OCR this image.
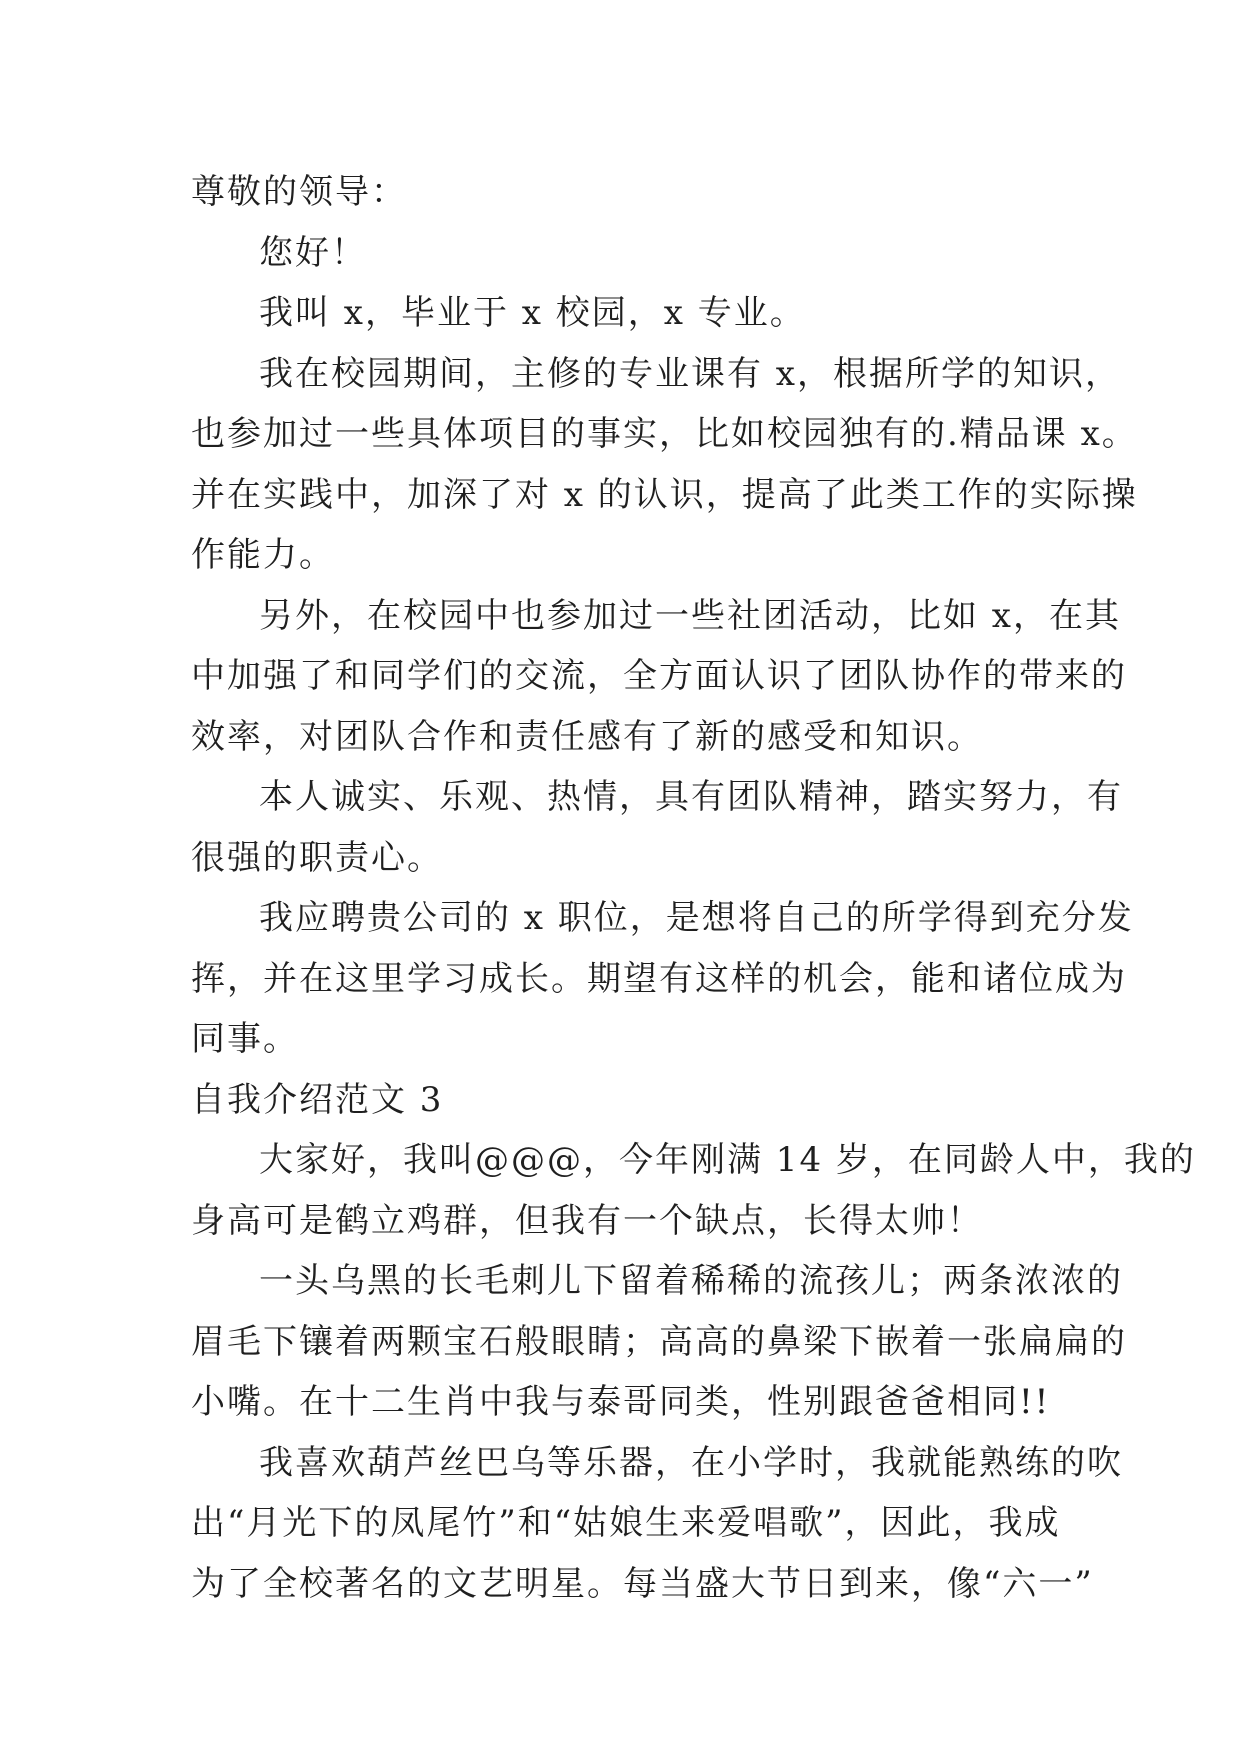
尊敬的领导：
您好！
我叫 x，毕业于 x 校园，x 专业。
我在校园期间，主修的专业课有 x，根据所学的知识，
也参加过一些具体项目的事实，比如校园独有的.精品课 x。
并在实践中，加深了对 x 的认识，提高了此类工作的实际操
作能力。
另外，在校园中也参加过一些社团活动，比如 x，在其
中加强了和同学们的交流，全方面认识了团队协作的带来的
效率，对团队合作和责任感有了新的感受和知识。
本人诚实、乐观、热情，具有团队精神，踏实努力，有
很强的职责心。
我应聘贵公司的 x 职位，是想将自己的所学得到充分发
挥，并在这里学习成长。期望有这样的机会，能和诸位成为
同事。
自我介绍范文 3
大家好，我叫@@@，今年刚满 14 岁，在同龄人中，我的
身高可是鹤立鸡群，但我有一个缺点，长得太帅！
一头乌黑的长毛刺儿下留着稀稀的流孩儿；两条浓浓的
眉毛下镶着两颗宝石般眼睛；高高的鼻梁下嵌着一张扁扁的
小嘴。在十二生肖中我与泰哥同类，性别跟爸爸相同!!
我喜欢葫芦丝巴乌等乐器，在小学时，我就能熟练的吹
出“月光下的凤尾竹”和“姑娘生来爱唱歌”，因此，我成
为了全校著名的文艺明星。每当盛大节日到来，像“六一”
